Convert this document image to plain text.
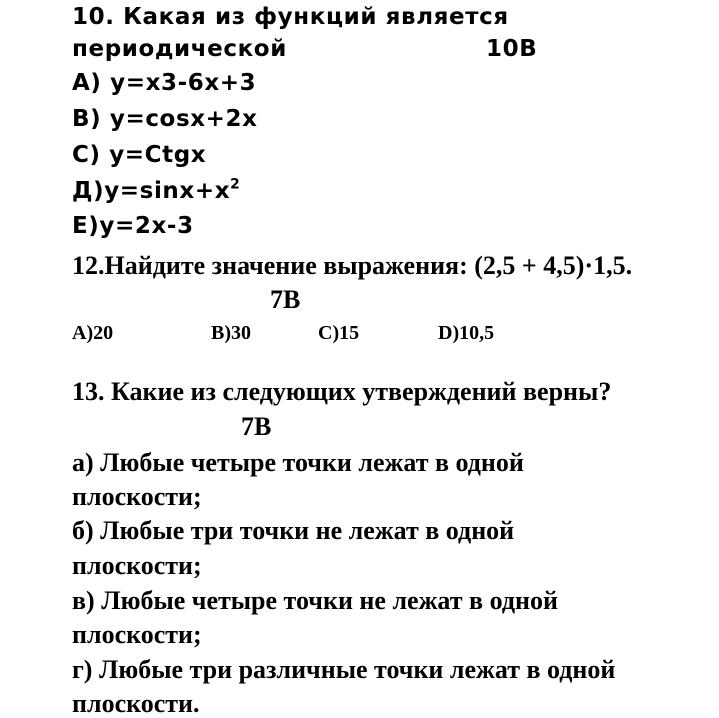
10. Какая из функций является
периодической	10В
А) y=x3-6x+3
В) y=cosx+2x
С) y=Ctgx
$Д)y=\sin x+x^2$
Е)y=2x-3
12.Найдите значение выражения: (2,5 + 4,5)·1,5.
7В
А)20	В)30	С)15	D)10,5
13. Какие из следующих утверждений верны?
7В
а) Любые четыре точки лежат в одной
плоскости;
б) Любые три точки не лежат в одной
плоскости;
в) Любые четыре точки не лежат в одной
плоскости;
г) Любые три различные точки лежат в одной
плоскости.
